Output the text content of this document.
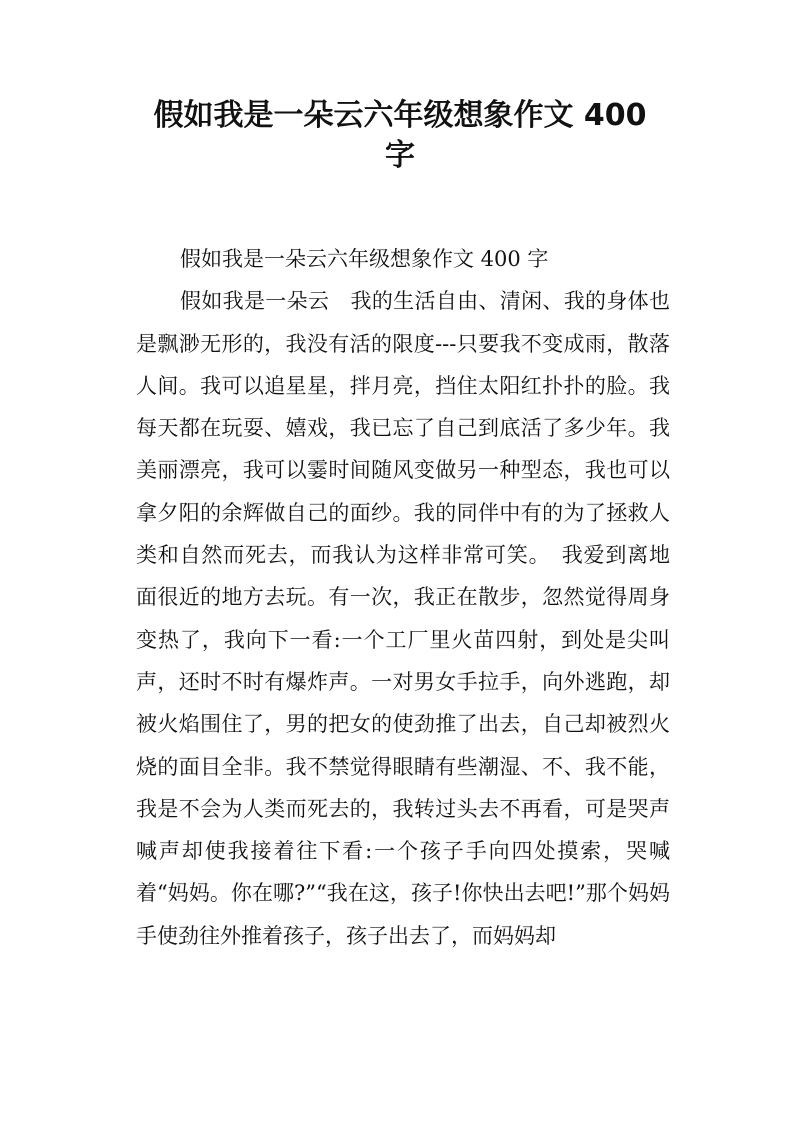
假如我是一朵云六年级想象作文 400
字

假如我是一朵云六年级想象作文 400 字

假如我是一朵云　我的生活自由、清闲、我的身体也是飘渺无形的，我没有活的限度---只要我不变成雨，散落人间。我可以追星星，拌月亮，挡住太阳红扑扑的脸。我每天都在玩耍、嬉戏，我已忘了自己到底活了多少年。我美丽漂亮，我可以霎时间随风变做另一种型态，我也可以拿夕阳的余辉做自己的面纱。我的同伴中有的为了拯救人类和自然而死去，而我认为这样非常可笑。　我爱到离地面很近的地方去玩。有一次，我正在散步，忽然觉得周身变热了，我向下一看:一个工厂里火苗四射，到处是尖叫声，还时不时有爆炸声。一对男女手拉手，向外逃跑，却被火焰围住了，男的把女的使劲推了出去，自己却被烈火烧的面目全非。我不禁觉得眼睛有些潮湿、不、我不能，我是不会为人类而死去的，我转过头去不再看，可是哭声喊声却使我接着往下看:一个孩子手向四处摸索，哭喊着“妈妈。你在哪?”“我在这，孩子!你快出去吧!”那个妈妈手使劲往外推着孩子，孩子出去了，而妈妈却
